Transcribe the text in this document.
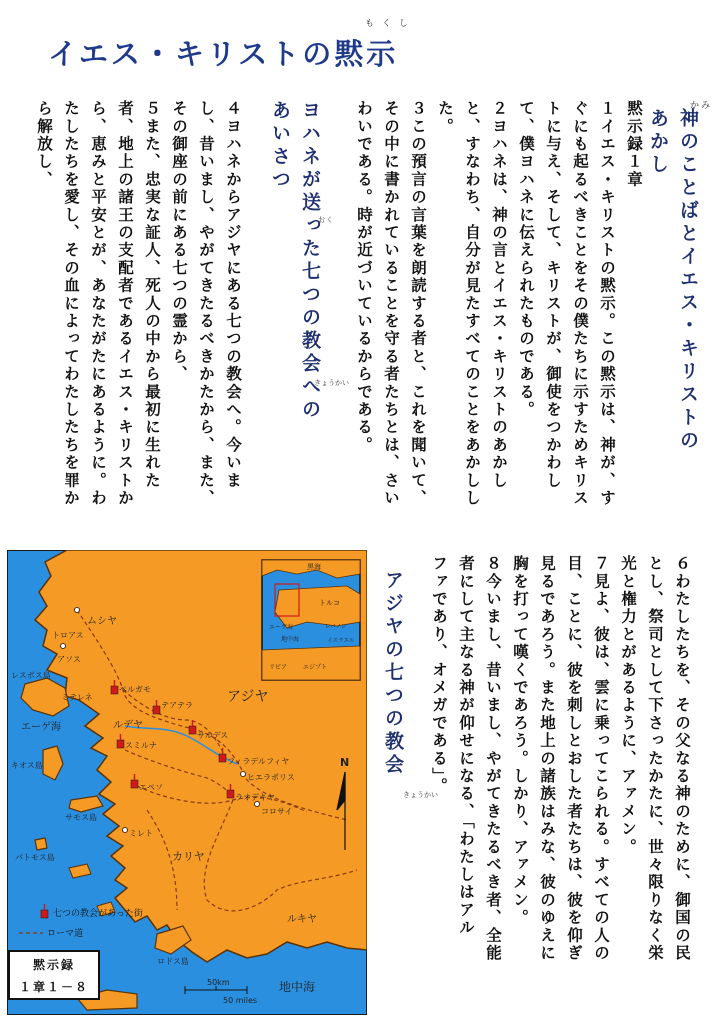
もくし
イエス・キリストの黙示
神のことばとイエス・キリストの
あかし
かみ
黙示録１章
１イエス・キリストの黙示。この黙示は、神が、す
ぐにも起るべきことをその僕たちに示すためキリス
トに与え、そして、キリストが、御使をつかわし
て、僕ヨハネに伝えられたものである。
２ヨハネは、神の言とイエス・キリストのあかし
と、すなわち、自分が見たすべてのことをあかしし
た。
３この預言の言葉を朗読する者と、これを聞いて、
その中に書かれていることを守る者たちとは、さい
わいである。時が近づいているからである。
ヨハネが送った七つの教会への
あいさつ
おく
きょうかい
４ヨハネからアジヤにある七つの教会へ。今いま
し、昔いまし、やがてきたるべきかたから、また、
その御座の前にある七つの霊から、
５また、忠実な証人、死人の中から最初に生れた
者、地上の諸王の支配者であるイエス・キリストか
ら、恵みと平安とが、あなたがたにあるように。わ
たしたちを愛し、その血によってわたしたちを罪か
ら解放し、
アジヤの七つの教会
きょうかい	６わたしたちを、その父なる神のために、御国の民
とし、祭司として下さったかたに、世々限りなく栄
光と権力とがあるように、アァメン。
７見よ、彼は、雲に乗ってこられる。すべての人の
目、ことに、彼を刺しとおした者たちは、彼を仰ぎ
見るであろう。また地上の諸族はみな、彼のゆえに
胸を打って嘆くであろう。しかり、アァメン。
８今いまし、昔いまし、やがてきたるべき者、全能
者にして主なる神が仰せになる、「わたしはアル
ファであり、オメガである」。
ムシヤ
アジヤ
カリヤ
ルキヤ
エーゲ海
地中海
トロアス
アソス
レスボス島
ミテレネ
ペルガモ
テアテラ
ルデヤ
サルデス
スミルナ
フィラデルフィヤ
キオス島
エペソ
ヒエラポリス
ラオデキヤ
コロサイ
サモス島
ミレト
パトモス島
ロドス島
黒海
トルコ
エーゲ海	レバノン
地中海	イスラエル
リビア	エジプト
七つの教会があった街
ローマ道
50km
50 miles
N
黙示録
１章１－８
